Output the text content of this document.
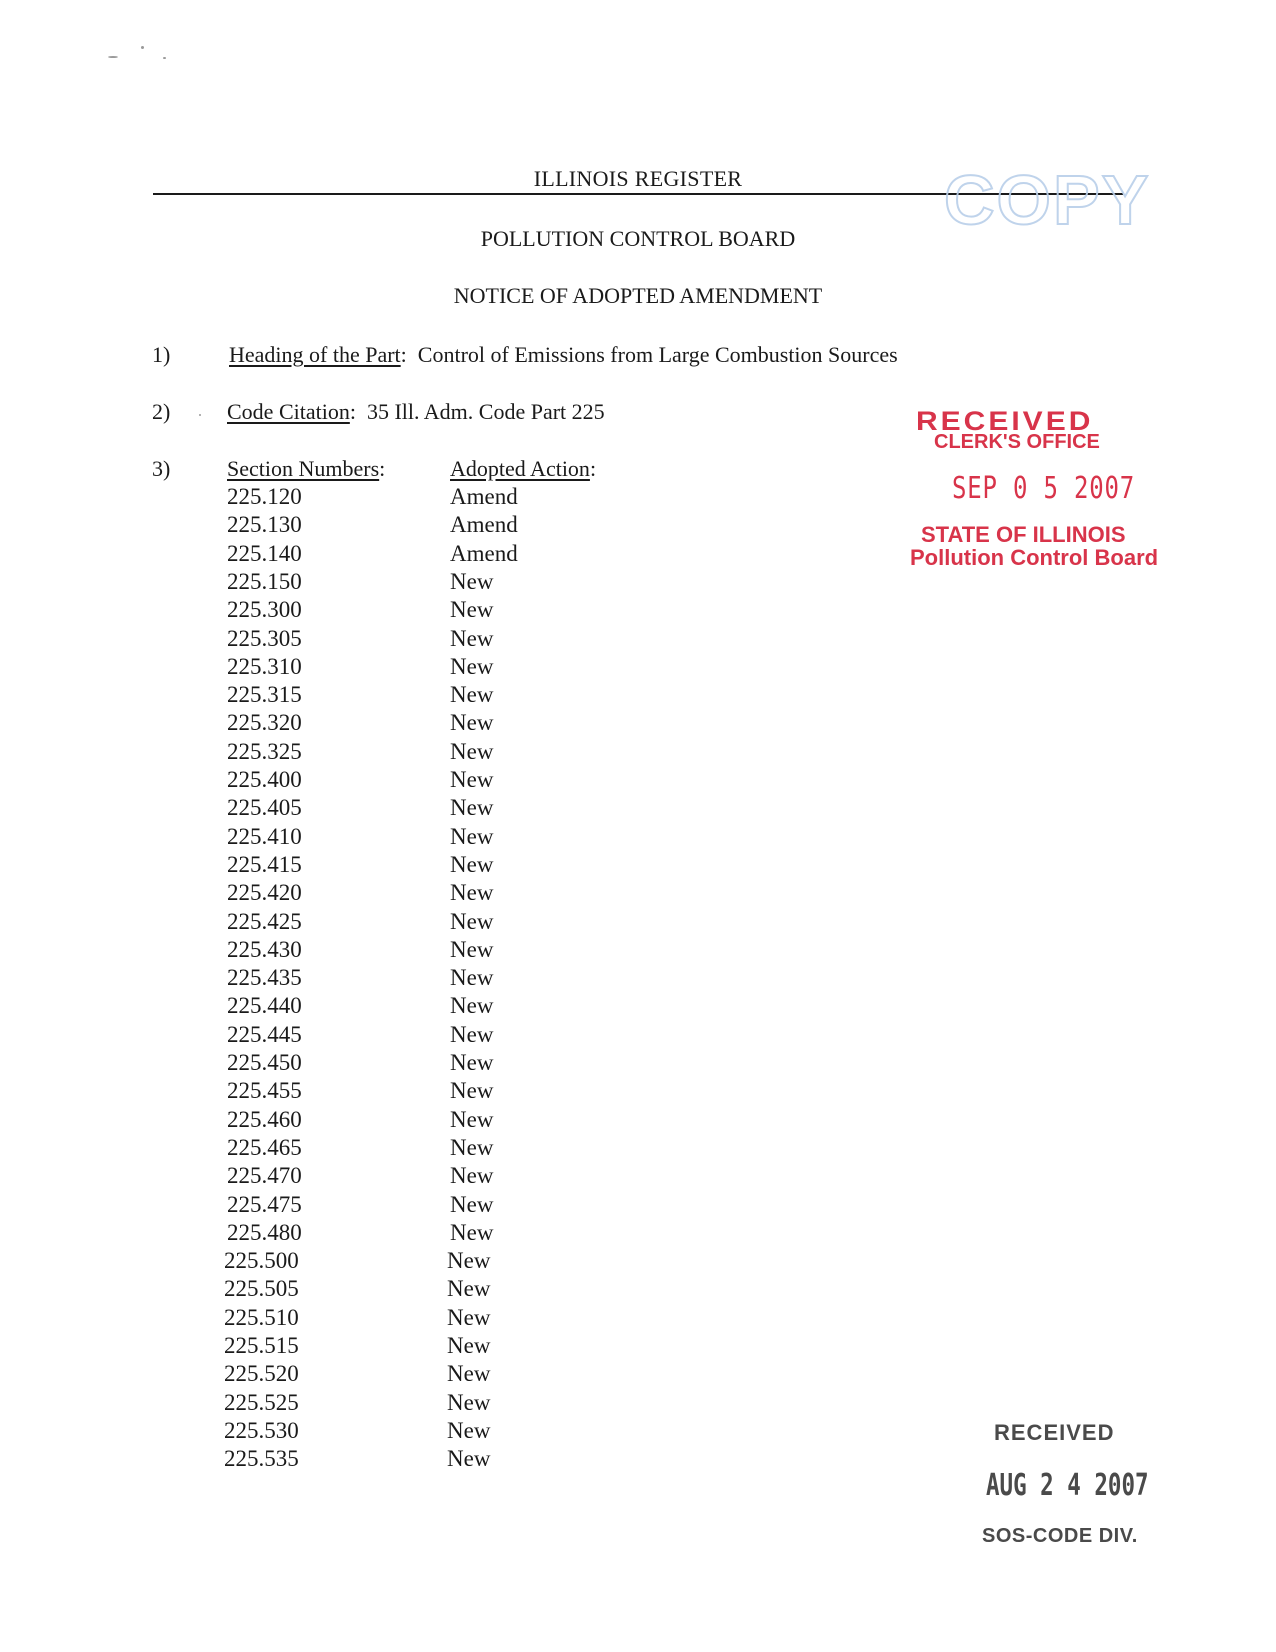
ILLINOIS REGISTER
POLLUTION CONTROL BOARD
NOTICE OF ADOPTED AMENDMENT
1)	Heading of the Part:  Control of Emissions from Large Combustion Sources
2)	Code Citation:  35 Ill. Adm. Code Part 225
3)	Section Numbers:	Adopted Action:
225.120	Amend
225.130	Amend
225.140	Amend
225.150	New
225.300	New
225.305	New
225.310	New
225.315	New
225.320	New
225.325	New
225.400	New
225.405	New
225.410	New
225.415	New
225.420	New
225.425	New
225.430	New
225.435	New
225.440	New
225.445	New
225.450	New
225.455	New
225.460	New
225.465	New
225.470	New
225.475	New
225.480	New
225.500	New
225.505	New
225.510	New
225.515	New
225.520	New
225.525	New
225.530	New
225.535	New
COPY
RECEIVED
CLERK'S OFFICE
SEP 0 5 2007
STATE OF ILLINOIS
Pollution Control Board
RECEIVED
AUG 2 4 2007
SOS-CODE DIV.
